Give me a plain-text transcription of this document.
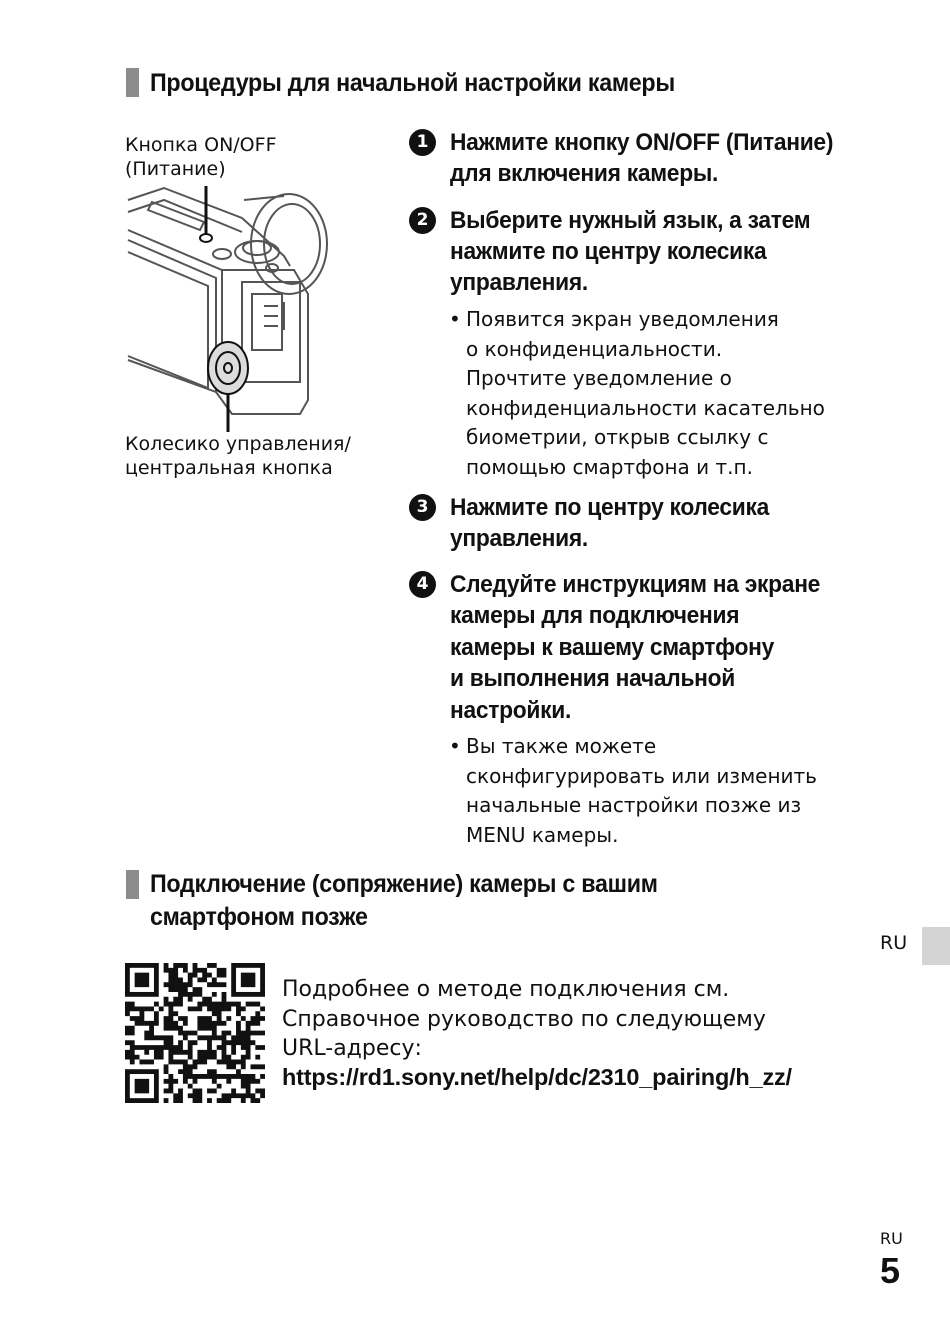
Процедуры для начальной настройки камеры
Кнопка ON/OFF
(Питание)
Колесико управления/
центральная кнопка
1 Нажмите кнопку ON/OFF (Питание)
для включения камеры.
2 Выберите нужный язык, а затем
нажмите по центру колесика
управления.
• Появится экран уведомления
о конфиденциальности.
Прочтите уведомление о
конфиденциальности касательно
биометрии, открыв ссылку с
помощью смартфона и т.п.
3 Нажмите по центру колесика
управления.
4 Следуйте инструкциям на экране
камеры для подключения
камеры к вашему смартфону
и выполнения начальной
настройки.
• Вы также можете
сконфигурировать или изменить
начальные настройки позже из
MENU камеры.
Подключение (сопряжение) камеры с вашим
смартфоном позже
RU
Подробнее о методе подключения см.
Справочное руководство по следующему
URL-адресу:
https://rd1.sony.net/help/dc/2310_pairing/h_zz/
RU
5
